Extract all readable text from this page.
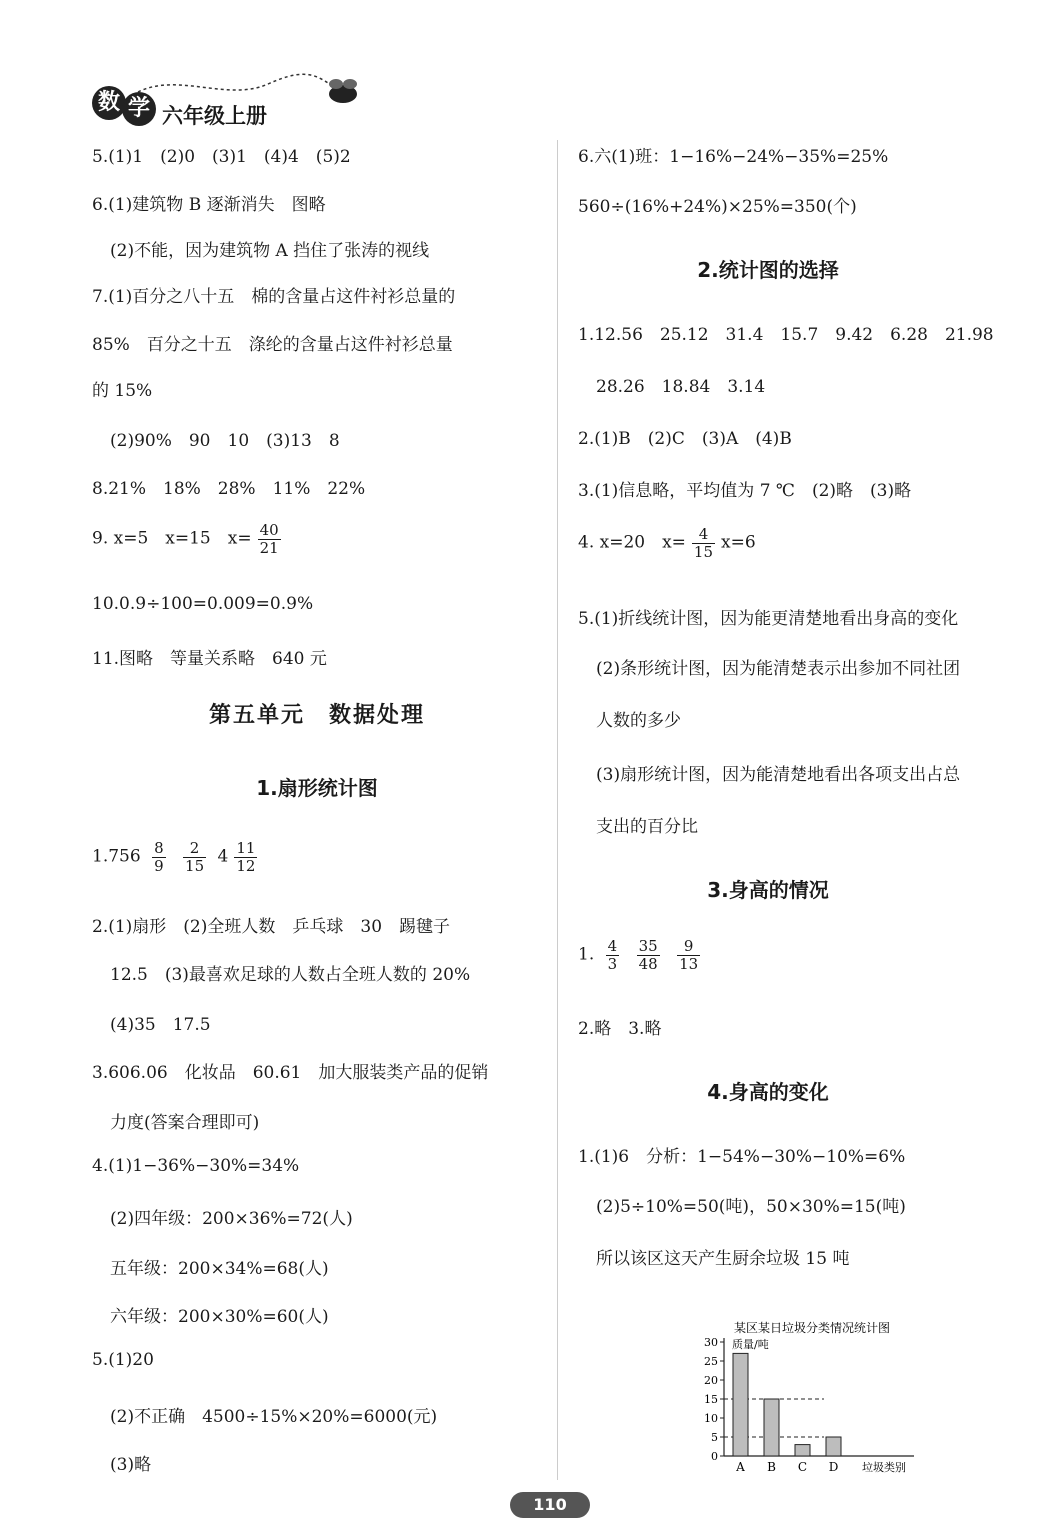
数 学 六年级上册
5.(1)1　(2)0　(3)1　(4)4　(5)2
6.(1)建筑物 B 逐渐消失　图略
(2)不能，因为建筑物 A 挡住了张涛的视线
7.(1)百分之八十五　棉的含量占这件衬衫总量的
85%　百分之十五　涤纶的含量占这件衬衫总量
的 15%
(2)90%　90　10　(3)13　8
8.21%　18%　28%　11%　22%
9. x=5　x=15　$x= \frac{40}{21}$
10.0.9÷100=0.009=0.9%
11.图略　等量关系略　640 元
第五单元　数据处理
1.扇形统计图
$1.756 \frac{8}{9}$
$\frac{2}{15} 4 \frac{11}{12}$
2.(1)扇形　(2)全班人数　乒乓球　30　踢毽子
12.5　(3)最喜欢足球的人数占全班人数的 20%
(4)35　17.5
3.606.06　化妆品　60.61　加大服装类产品的促销
力度(答案合理即可)
4.(1)1−36%−30%=34%
(2)四年级：200×36%=72(人)
五年级：200×34%=68(人)
六年级：200×30%=60(人)
5.(1)20
(2)不正确　4500÷15%×20%=6000(元)
(3)略
6.六(1)班：1−16%−24%−35%=25%
560÷(16%+24%)×25%=350(个)
2.统计图的选择
1.12.56　25.12　31.4　15.7　9.42　6.28　21.98
28.26　18.84　3.14
2.(1)B　(2)C　(3)A　(4)B
3.(1)信息略，平均值为 7 ℃　(2)略　(3)略
4. x=20　$x= \frac{4}{15} x=6$
5.(1)折线统计图，因为能更清楚地看出身高的变化
(2)条形统计图，因为能清楚表示出参加不同社团
人数的多少
(3)扇形统计图，因为能清楚地看出各项支出占总
支出的百分比
3.身高的情况
1. $\frac{4}{3}$
$\frac{35}{48}$
$\frac{9}{13}$
2.略　3.略
4.身高的变化
1.(1)6　分析：1−54%−30%−10%=6%
(2)5÷10%=50(吨)，50×30%=15(吨)
所以该区这天产生厨余垃圾 15 吨
某区某日垃圾分类情况统计图
质量/吨
0
5
10
15
20
25
30
A B C D 垃圾类别
110
